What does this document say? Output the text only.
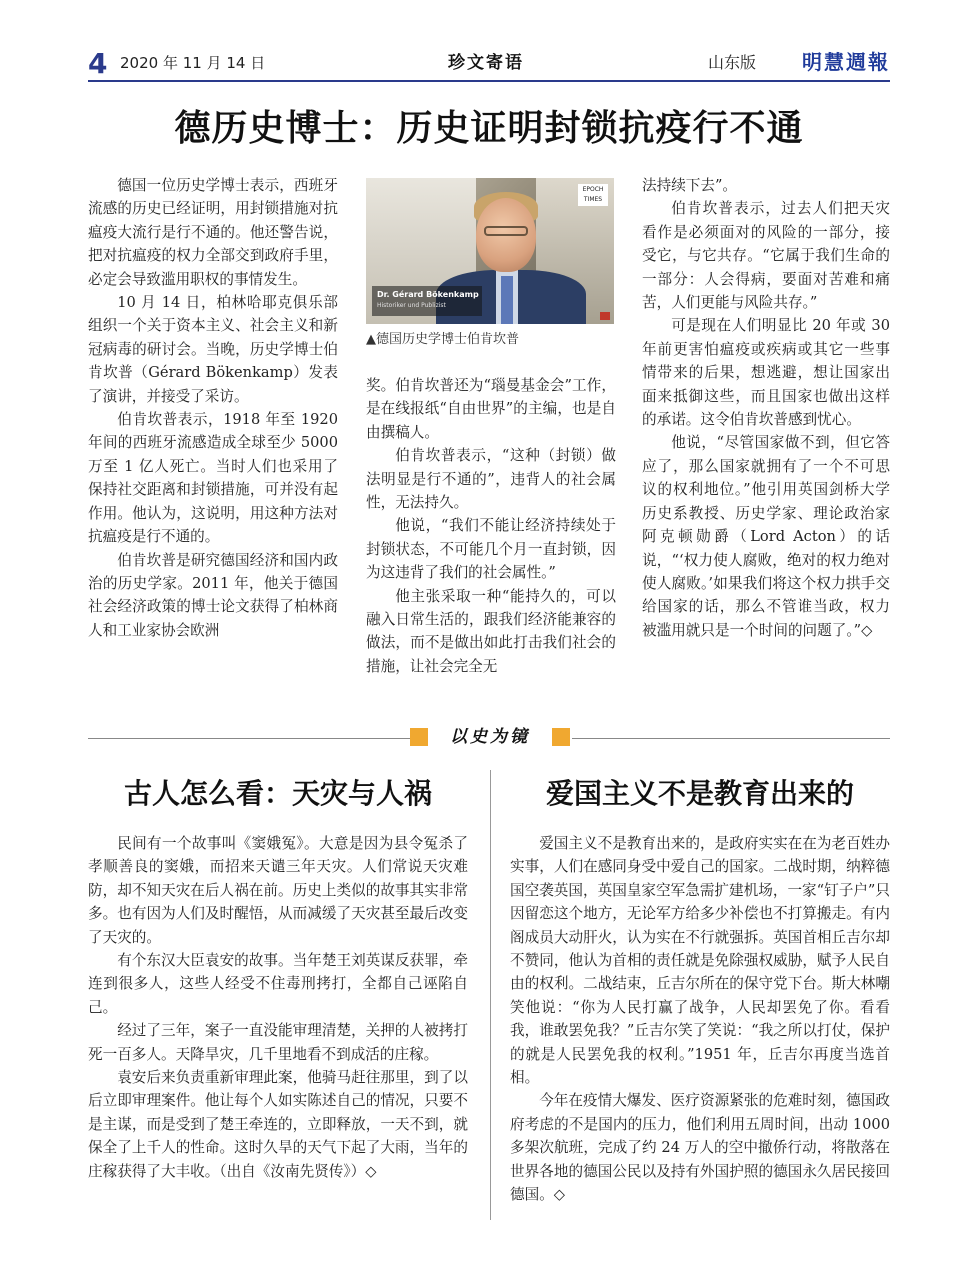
4 2020 年 11 月 14 日	珍文寄语	山东版 明慧週報
德历史博士：历史证明封锁抗疫行不通

德国一位历史学博士表示，西班牙流感的历史已经证明，用封锁措施对抗瘟疫大流行是行不通的。他还警告说，把对抗瘟疫的权力全部交到政府手里，必定会导致滥用职权的事情发生。

10 月 14 日，柏林哈耶克俱乐部组织一个关于资本主义、社会主义和新冠病毒的研讨会。当晚，历史学博士伯肯坎普（Gérard Bökenkamp）发表了演讲，并接受了采访。

伯肯坎普表示，1918 年至 1920 年间的西班牙流感造成全球至少 5000 万至 1 亿人死亡。当时人们也采用了保持社交距离和封锁措施，可并没有起作用。他认为，这说明，用这种方法对抗瘟疫是行不通的。

伯肯坎普是研究德国经济和国内政治的历史学家。2011 年，他关于德国社会经济政策的博士论文获得了柏林商人和工业家协会欧洲

EPOCH TIMES
Dr. Gérard Bökenkamp
Historiker und Publizist
▲德国历史学博士伯肯坎普

奖。伯肯坎普还为“瑙曼基金会”工作，是在线报纸“自由世界”的主编，也是自由撰稿人。

伯肯坎普表示，“这种（封锁）做法明显是行不通的”，违背人的社会属性，无法持久。

他说，“我们不能让经济持续处于封锁状态，不可能几个月一直封锁，因为这违背了我们的社会属性。”

他主张采取一种“能持久的，可以融入日常生活的，跟我们经济能兼容的做法，而不是做出如此打击我们社会的措施，让社会完全无

法持续下去”。

伯肯坎普表示，过去人们把天灾看作是必须面对的风险的一部分，接受它，与它共存。“它属于我们生命的一部分：人会得病，要面对苦难和痛苦，人们更能与风险共存。”

可是现在人们明显比 20 年或 30 年前更害怕瘟疫或疾病或其它一些事情带来的后果，想逃避，想让国家出面来抵御这些，而且国家也做出这样的承诺。这令伯肯坎普感到忧心。

他说，“尽管国家做不到，但它答应了，那么国家就拥有了一个不可思议的权利地位。”他引用英国剑桥大学历史系教授、历史学家、理论政治家阿克顿勋爵（Lord Acton）的话说，“‘权力使人腐败，绝对的权力绝对使人腐败。’如果我们将这个权力拱手交给国家的话，那么不管谁当政，权力被滥用就只是一个时间的问题了。”◇

以史为镜
古人怎么看：天灾与人祸

民间有一个故事叫《窦娥冤》。大意是因为县令冤杀了孝顺善良的窦娥，而招来天谴三年天灾。人们常说天灾难防，却不知天灾在后人祸在前。历史上类似的故事其实非常多。也有因为人们及时醒悟，从而减缓了天灾甚至最后改变了天灾的。

有个东汉大臣袁安的故事。当年楚王刘英谋反获罪，牵连到很多人，这些人经受不住毒刑拷打，全都自己诬陷自己。

经过了三年，案子一直没能审理清楚，关押的人被拷打死一百多人。天降旱灾，几千里地看不到成活的庄稼。

袁安后来负责重新审理此案，他骑马赶往那里，到了以后立即审理案件。他让每个人如实陈述自己的情况，只要不是主谋，而是受到了楚王牵连的，立即释放，一天不到，就保全了上千人的性命。这时久旱的天气下起了大雨，当年的庄稼获得了大丰收。（出自《汝南先贤传》）◇

爱国主义不是教育出来的

爱国主义不是教育出来的，是政府实实在在为老百姓办实事，人们在感同身受中爱自己的国家。二战时期，纳粹德国空袭英国，英国皇家空军急需扩建机场，一家“钉子户”只因留恋这个地方，无论军方给多少补偿也不打算搬走。有内阁成员大动肝火，认为实在不行就强拆。英国首相丘吉尔却不赞同，他认为首相的责任就是免除强权威胁，赋予人民自由的权利。二战结束，丘吉尔所在的保守党下台。斯大林嘲笑他说：“你为人民打赢了战争，人民却罢免了你。看看我，谁敢罢免我？”丘吉尔笑了笑说：“我之所以打仗，保护的就是人民罢免我的权利。”1951 年，丘吉尔再度当选首相。

今年在疫情大爆发、医疗资源紧张的危难时刻，德国政府考虑的不是国内的压力，他们利用五周时间，出动 1000 多架次航班，完成了约 24 万人的空中撤侨行动，将散落在世界各地的德国公民以及持有外国护照的德国永久居民接回德国。◇
